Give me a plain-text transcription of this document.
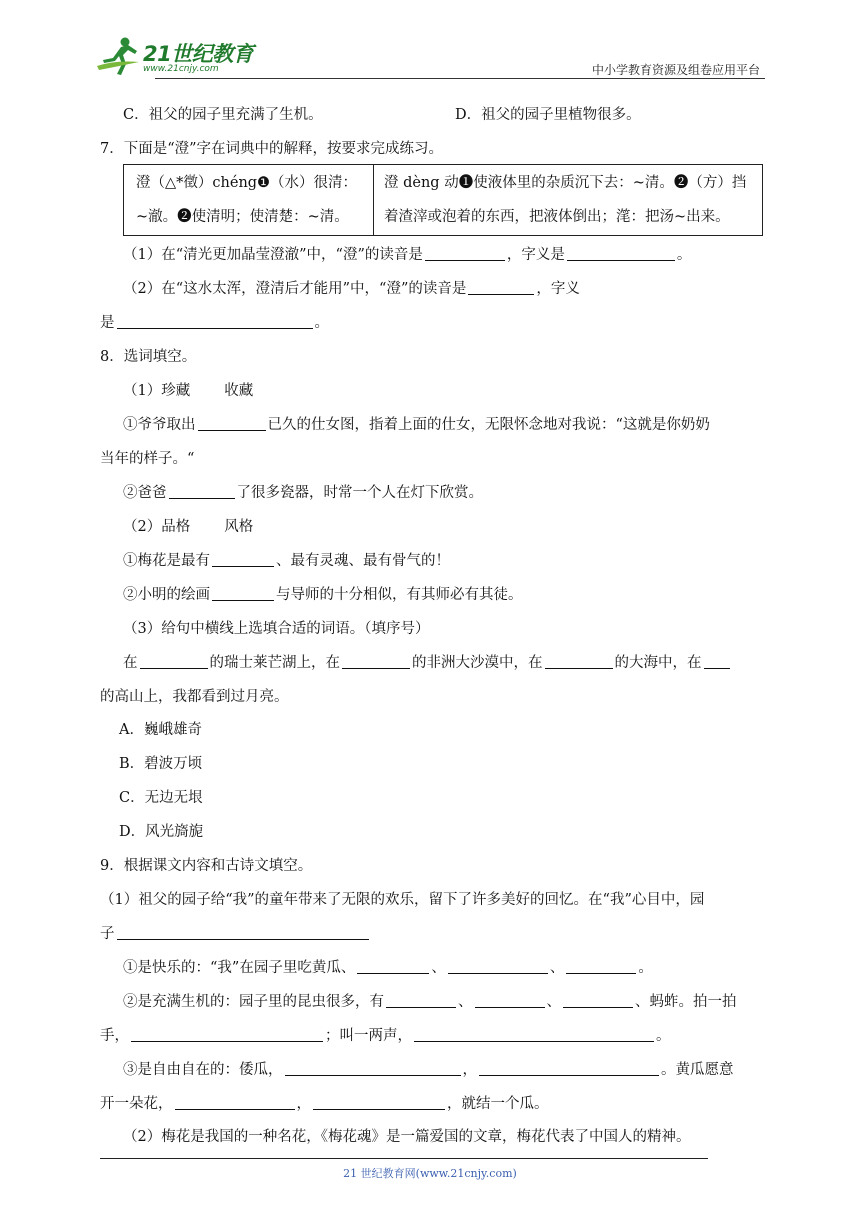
21世纪教育
www.21cnjy.com	中小学教育资源及组卷应用平台
C．祖父的园子里充满了生机。	D．祖父的园子里植物很多。
7．下面是“澄”字在词典中的解释，按要求完成练习。
澄（△*徵）chéng❶（水）很清：
~澈。❷使清明；使清楚：~清。
澄 dèng 动❶使液体里的杂质沉下去：~清。❷（方）挡
着渣滓或泡着的东西，把液体倒出；滗：把汤~出来。
（1）在“清光更加晶莹澄澈”中，“澄”的读音是	，字义是	。
（2）在“这水太浑，澄清后才能用”中，“澄”的读音是	，字义
是	。
8．选词填空。
（1）珍藏 收藏
①爷爷取出	已久的仕女图，指着上面的仕女，无限怀念地对我说：“这就是你奶奶
当年的样子。“
②爸爸	了很多瓷器，时常一个人在灯下欣赏。
（2）品格 风格
①梅花是最有	、最有灵魂、最有骨气的！
②小明的绘画	与导师的十分相似，有其师必有其徒。
（3）给句中横线上选填合适的词语。（填序号）
在	的瑞士莱芒湖上，在	的非洲大沙漠中，在	的大海中，在
的高山上，我都看到过月亮。
A．巍峨雄奇
B．碧波万顷
C．无边无垠
D．风光旖旎
9．根据课文内容和古诗文填空。
（1）祖父的园子给“我”的童年带来了无限的欢乐，留下了许多美好的回忆。在“我”心目中，园
子
①是快乐的：“我”在园子里吃黄瓜、	、	、	。
②是充满生机的：园子里的昆虫很多，有	、	、	、蚂蚱。拍一拍
手，	；叫一两声，	。
③是自由自在的：倭瓜，	，	。黄瓜愿意
开一朵花，	，	，就结一个瓜。
（2）梅花是我国的一种名花，《梅花魂》是一篇爱国的文章，梅花代表了中国人的精神。
21 世纪教育网(www.21cnjy.com)
